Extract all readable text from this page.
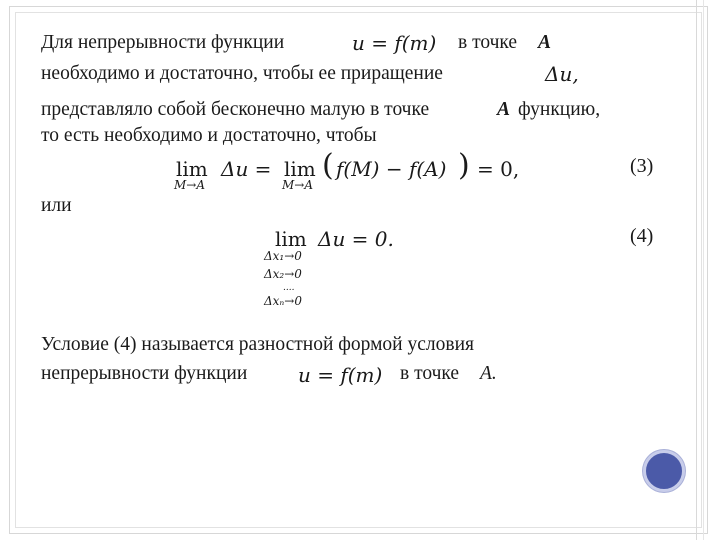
Для непрерывности функции	u = f(m) в точке A
необходимо и достаточно, чтобы ее приращение	Δu,
представляло собой бесконечно малую в точке	A функцию,
то есть необходимо и достаточно, чтобы
lim
M→A
Δu = lim
M→A
( f(M) − f(A) ) = 0,	(3)
или
lim Δu = 0.	(4)
Δx₁→0
Δx₂→0
....
Δxₙ→0
Условие (4) называется разностной формой условия
непрерывности функции	u = f(m) в точке A.
